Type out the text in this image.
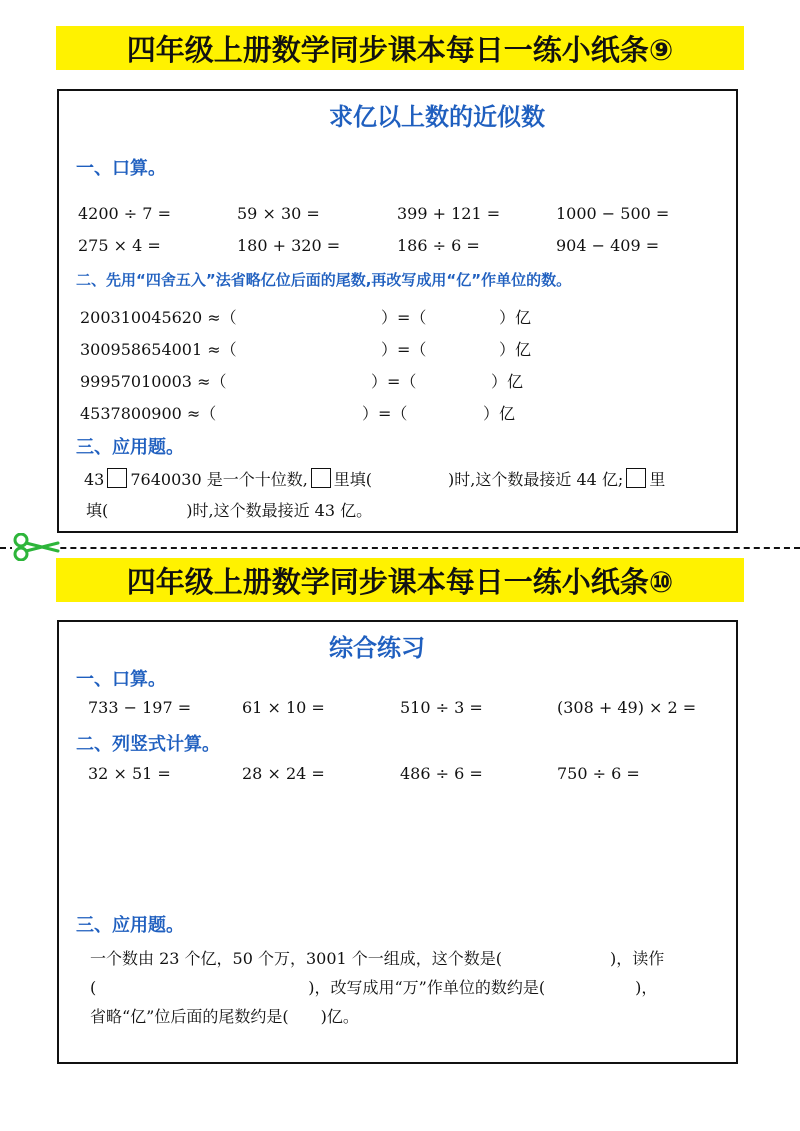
四年级上册数学同步课本每日一练小纸条⑨
求亿以上数的近似数
一、口算。
4200 ÷ 7 =	59 × 30 =	399 + 121 =	1000 − 500 =
275 × 4 =	180 + 320 =	186 ÷ 6 =	904 − 409 =
二、先用“四舍五入”法省略亿位后面的尾数,再改写成用“亿”作单位的数。
200310045620 ≈（	）=（	）亿
300958654001 ≈（	）=（	）亿
99957010003 ≈（	）=（	）亿
4537800900 ≈（	）=（	）亿
三、应用题。
43 7640030 是一个十位数, 里填(	)时,这个数最接近 44 亿; 里
填(	)时,这个数最接近 43 亿。
四年级上册数学同步课本每日一练小纸条⑩
综合练习
一、口算。
733 − 197 =	61 × 10 =	510 ÷ 3 =	(308 + 49) × 2 =
二、列竖式计算。
32 × 51 =	28 × 24 =	486 ÷ 6 =	750 ÷ 6 =
三、应用题。
一个数由 23 个亿，50 个万，3001 个一组成，这个数是(	)，读作
(	)，改写成用“万”作单位的数约是(	)，
省略“亿”位后面的尾数约是(　　)亿。
